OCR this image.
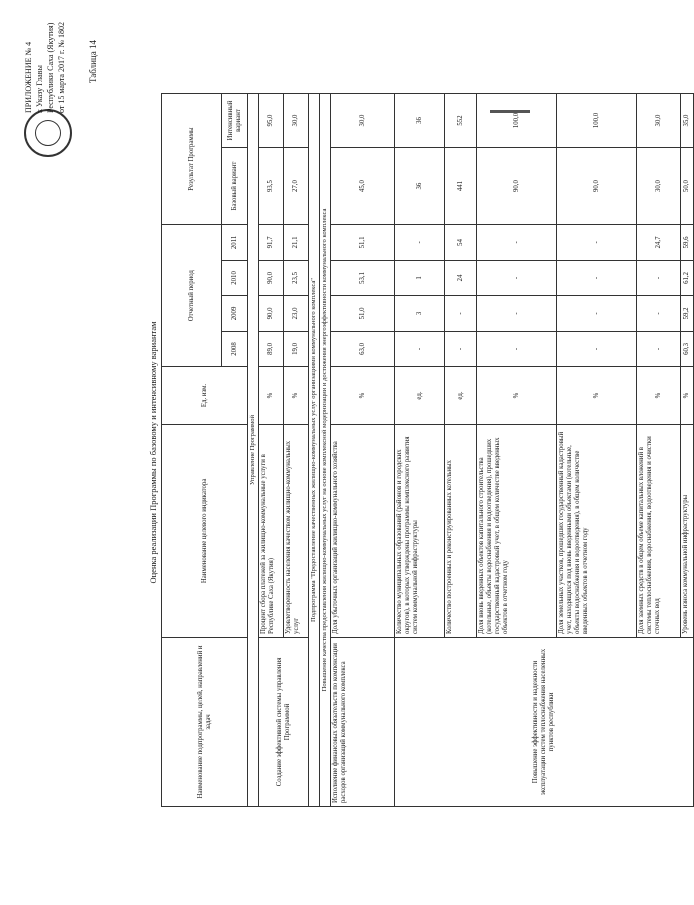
ПРИЛОЖЕНИЕ № 4 к Указу Главы Республики Саха (Якутия) от 15 марта 2017 г. № 1802 Таблица 14
Оценка реализации Программы по базовому и интенсивному вариантам
Наименование подпрограммы, целей, направлений и задач	Наименование целевого индикатора	Ед. изм.	Отчетный период				Результат Программы	
			2008	2009	2010	2011	Базовый вариант	Интенсивный вариант
Управление Программой								
Создание эффективной системы управления Программой	Процент сбора платежей за жилищно-коммунальные услуги в Республике Саха (Якутия)	%	89,0	90,0	90,0	91,7	93,5	95,0
	Удовлетворенность населения качеством жилищно-коммунальных услуг	%	19,0	23,0	23,5	21,1	27,0	30,0
Подпрограмма "Предоставление качественных жилищно-коммунальных услуг организациями коммунального комплекса"								
Повышение качества предоставления жилищно-коммунальных услуг на основе комплексной модернизации и достижения энергоэффективности коммунального комплекса								
Исполнение финансовых обязательств по компенсации расходов организаций коммунального комплекса	Доля убыточных организаций жилищно-коммунального хозяйства	%	63,0	51,0	53,1	51,1	45,0	30,0
Повышение эффективности и надежности эксплуатации систем теплоснабжения населенных пунктов республики	Количество муниципальных образований (районов и городских округов), в которых утверждены программы комплексного развития систем коммунальной инфраструктуры	ед.	-	3	1	-	36	36
	Количество построенных и реконструированных котельных	ед.	-	-	24	54	441	552
	Доля вновь введенных объектов капитального строительства (котельные, объекты водоснабжения и водоотведения), прошедших государственный кадастровый учет, в общем количестве введенных объектов в отчетном году	%	-	-	-	-	90,0	100,0
	Доля земельных участков, прошедших государственный кадастровый учет, находящихся под вновь введенными объектами (котельные, объекты водоснабжения и водоотведения), в общем количестве введенных объектов в отчетном году	%	-	-	-	-	90,0	100,0
	Доля заемных средств в общем объеме капитальных вложений в системы теплоснабжения, водоснабжения, водоотведения и очистки сточных вод	%	-	-	-	24,7	30,0	30,0
	Уровень износа коммунальной инфраструктуры	%	60,3	59,2	61,2	59,6	50,0	35,0
